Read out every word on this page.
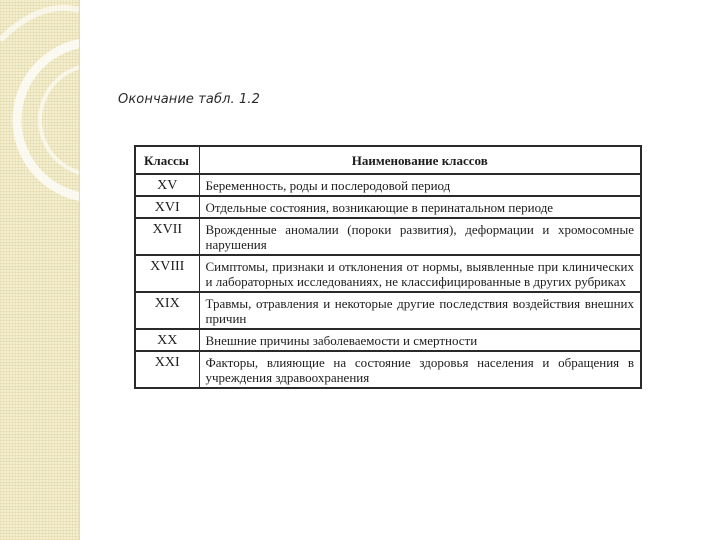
Окончание табл. 1.2
Классы	Наименование классов
XV	Беременность, роды и послеродовой период
XVI	Отдельные состояния, возникающие в перинатальном периоде
XVII	Врожденные аномалии (пороки развития), деформации и хромосомные нарушения
XVIII	Симптомы, признаки и отклонения от нормы, выявленные при клинических и лабораторных исследованиях, не классифицированные в других рубриках
XIX	Травмы, отравления и некоторые другие последствия воздействия внешних причин
XX	Внешние причины заболеваемости и смертности
XXI	Факторы, влияющие на состояние здоровья населения и обращения в учреждения здравоохранения
